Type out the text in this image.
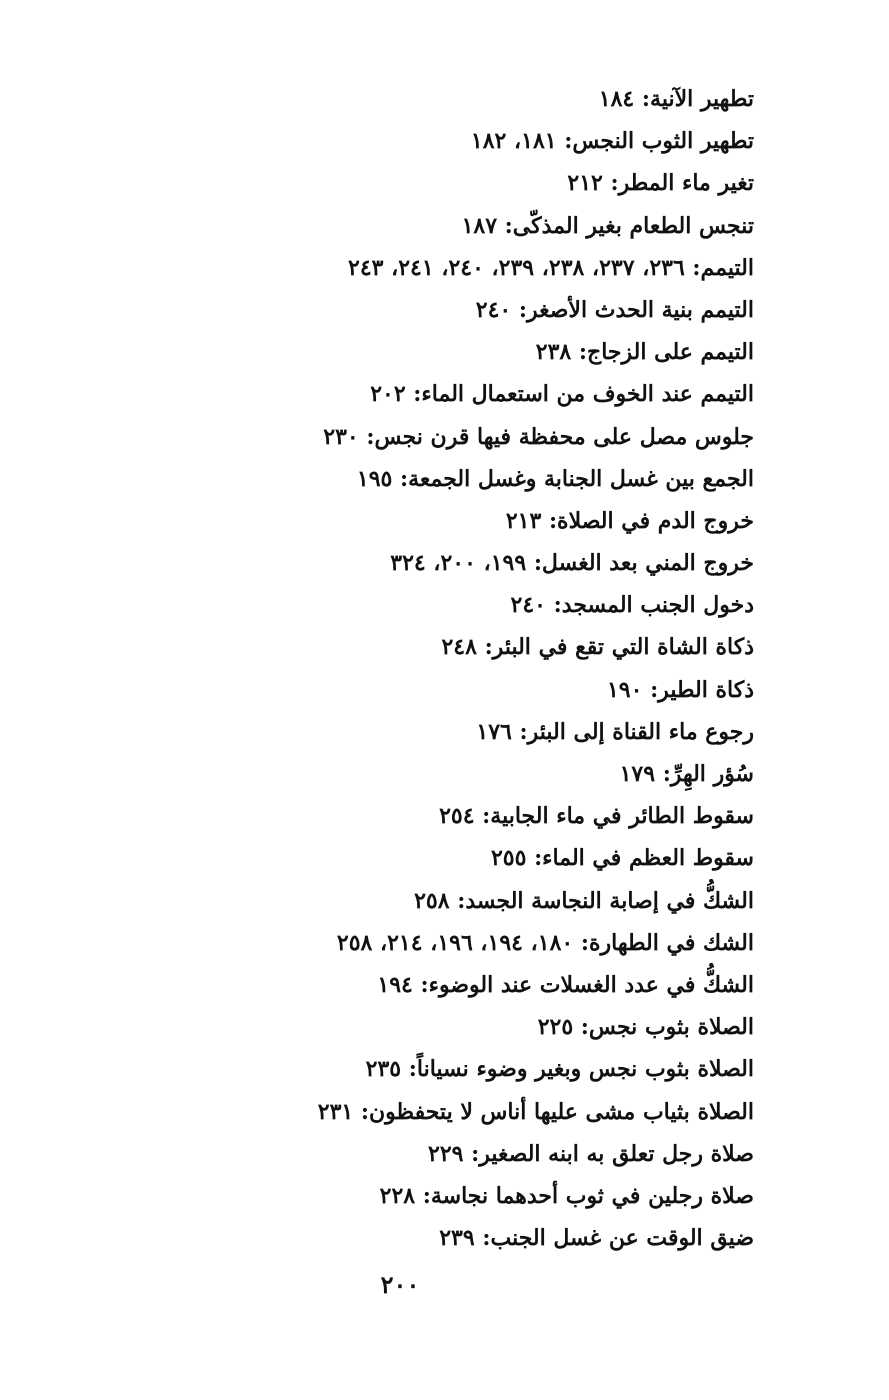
تطهير الآنية: ١٨٤
تطهير الثوب النجس: ١٨١، ١٨٢
تغير ماء المطر: ٢١٢
تنجس الطعام بغير المذكّى: ١٨٧
التيمم: ٢٣٦، ٢٣٧، ٢٣٨، ٢٣٩، ٢٤٠، ٢٤١، ٢٤٣
التيمم بنية الحدث الأصغر: ٢٤٠
التيمم على الزجاج: ٢٣٨
التيمم عند الخوف من استعمال الماء: ٢٠٢
جلوس مصل على محفظة فيها قرن نجس: ٢٣٠
الجمع بين غسل الجنابة وغسل الجمعة: ١٩٥
خروج الدم في الصلاة: ٢١٣
خروج المني بعد الغسل: ١٩٩، ٢٠٠، ٣٢٤
دخول الجنب المسجد: ٢٤٠
ذكاة الشاة التي تقع في البئر: ٢٤٨
ذكاة الطير: ١٩٠
رجوع ماء القناة إلى البئر: ١٧٦
سُؤر الهِرِّ: ١٧٩
سقوط الطائر في ماء الجابية: ٢٥٤
سقوط العظم في الماء: ٢٥٥
الشكُّ في إصابة النجاسة الجسد: ٢٥٨
الشك في الطهارة: ١٨٠، ١٩٤، ١٩٦، ٢١٤، ٢٥٨
الشكُّ في عدد الغسلات عند الوضوء: ١٩٤
الصلاة بثوب نجس: ٢٢٥
الصلاة بثوب نجس وبغير وضوء نسياناً: ٢٣٥
الصلاة بثياب مشى عليها أناس لا يتحفظون: ٢٣١
صلاة رجل تعلق به ابنه الصغير: ٢٢٩
صلاة رجلين في ثوب أحدهما نجاسة: ٢٢٨
ضيق الوقت عن غسل الجنب: ٢٣٩
٢٠٠
